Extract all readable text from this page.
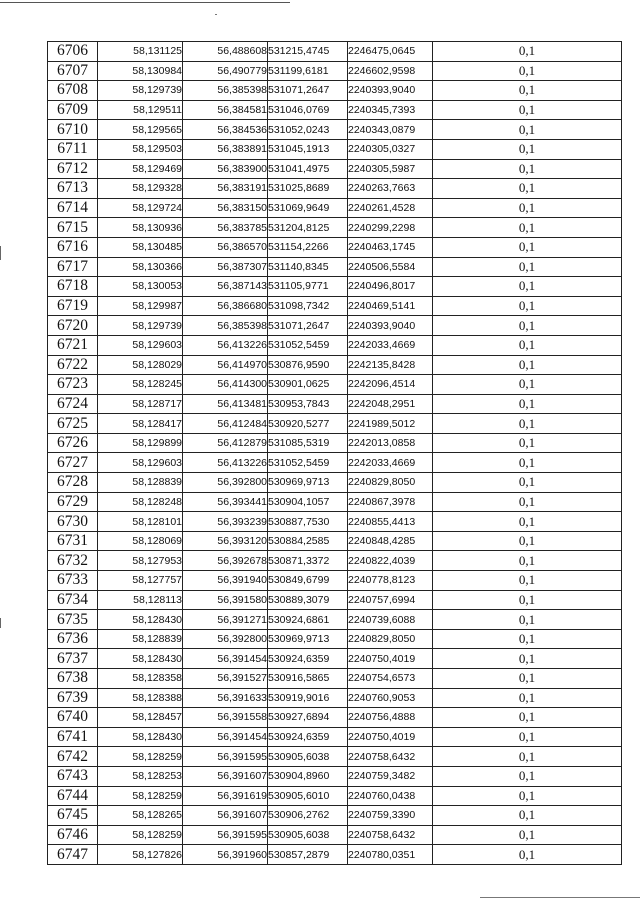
6706	58,131125	56,488608	531215,4745	2246475,0645	0,1
6707	58,130984	56,490779	531199,6181	2246602,9598	0,1
6708	58,129739	56,385398	531071,2647	2240393,9040	0,1
6709	58,129511	56,384581	531046,0769	2240345,7393	0,1
6710	58,129565	56,384536	531052,0243	2240343,0879	0,1
6711	58,129503	56,383891	531045,1913	2240305,0327	0,1
6712	58,129469	56,383900	531041,4975	2240305,5987	0,1
6713	58,129328	56,383191	531025,8689	2240263,7663	0,1
6714	58,129724	56,383150	531069,9649	2240261,4528	0,1
6715	58,130936	56,383785	531204,8125	2240299,2298	0,1
6716	58,130485	56,386570	531154,2266	2240463,1745	0,1
6717	58,130366	56,387307	531140,8345	2240506,5584	0,1
6718	58,130053	56,387143	531105,9771	2240496,8017	0,1
6719	58,129987	56,386680	531098,7342	2240469,5141	0,1
6720	58,129739	56,385398	531071,2647	2240393,9040	0,1
6721	58,129603	56,413226	531052,5459	2242033,4669	0,1
6722	58,128029	56,414970	530876,9590	2242135,8428	0,1
6723	58,128245	56,414300	530901,0625	2242096,4514	0,1
6724	58,128717	56,413481	530953,7843	2242048,2951	0,1
6725	58,128417	56,412484	530920,5277	2241989,5012	0,1
6726	58,129899	56,412879	531085,5319	2242013,0858	0,1
6727	58,129603	56,413226	531052,5459	2242033,4669	0,1
6728	58,128839	56,392800	530969,9713	2240829,8050	0,1
6729	58,128248	56,393441	530904,1057	2240867,3978	0,1
6730	58,128101	56,393239	530887,7530	2240855,4413	0,1
6731	58,128069	56,393120	530884,2585	2240848,4285	0,1
6732	58,127953	56,392678	530871,3372	2240822,4039	0,1
6733	58,127757	56,391940	530849,6799	2240778,8123	0,1
6734	58,128113	56,391580	530889,3079	2240757,6994	0,1
6735	58,128430	56,391271	530924,6861	2240739,6088	0,1
6736	58,128839	56,392800	530969,9713	2240829,8050	0,1
6737	58,128430	56,391454	530924,6359	2240750,4019	0,1
6738	58,128358	56,391527	530916,5865	2240754,6573	0,1
6739	58,128388	56,391633	530919,9016	2240760,9053	0,1
6740	58,128457	56,391558	530927,6894	2240756,4888	0,1
6741	58,128430	56,391454	530924,6359	2240750,4019	0,1
6742	58,128259	56,391595	530905,6038	2240758,6432	0,1
6743	58,128253	56,391607	530904,8960	2240759,3482	0,1
6744	58,128259	56,391619	530905,6010	2240760,0438	0,1
6745	58,128265	56,391607	530906,2762	2240759,3390	0,1
6746	58,128259	56,391595	530905,6038	2240758,6432	0,1
6747	58,127826	56,391960	530857,2879	2240780,0351	0,1
